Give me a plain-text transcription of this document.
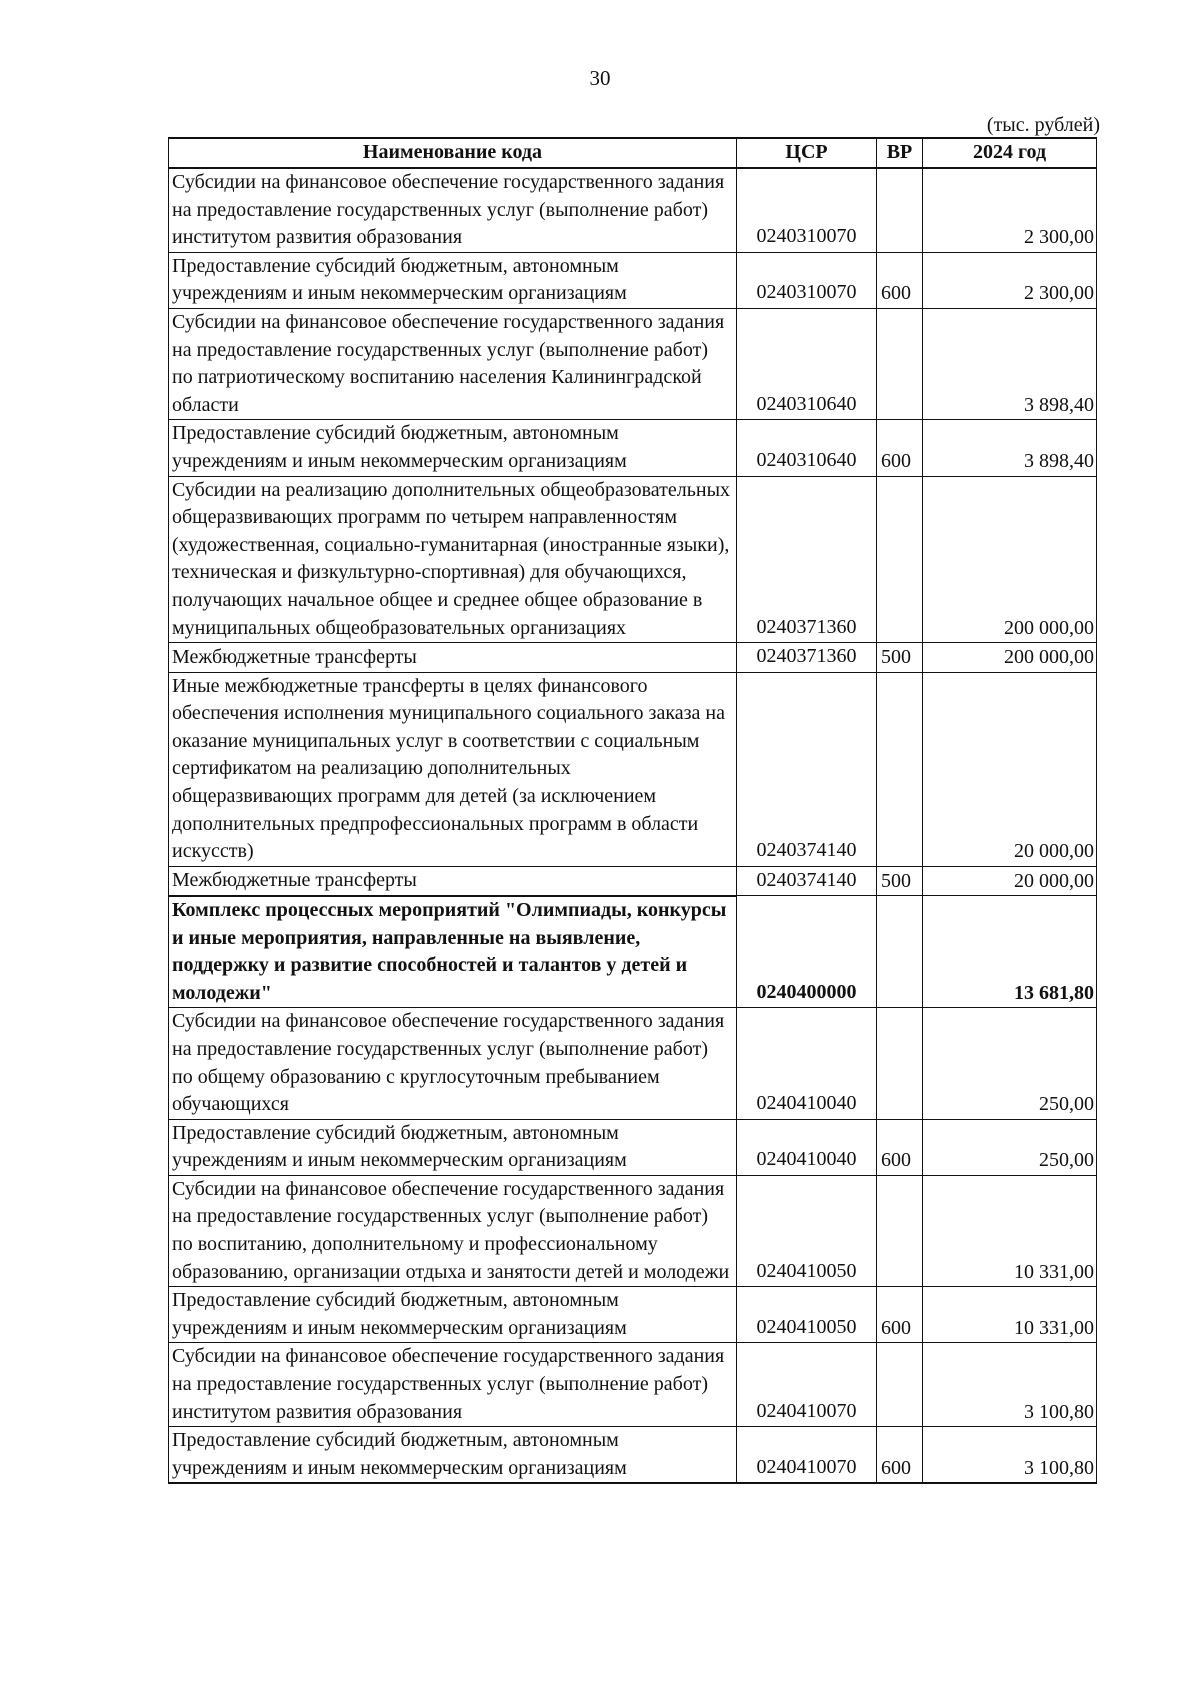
30
(тыс. рублей)
Наименование кода	ЦСР	ВР	2024 год
Субсидии на финансовое обеспечение государственного задания на предоставление государственных услуг (выполнение работ) институтом развития образования	0240310070		2 300,00
Предоставление субсидий бюджетным, автономным учреждениям и иным некоммерческим организациям	0240310070	600	2 300,00
Субсидии на финансовое обеспечение государственного задания на предоставление государственных услуг (выполнение работ) по патриотическому воспитанию населения Калининградской области	0240310640		3 898,40
Предоставление субсидий бюджетным, автономным учреждениям и иным некоммерческим организациям	0240310640	600	3 898,40
Субсидии на реализацию дополнительных общеобразовательных общеразвивающих программ по четырем направленностям (художественная, социально-гуманитарная (иностранные языки), техническая и физкультурно-спортивная) для обучающихся, получающих начальное общее и среднее общее образование в муниципальных общеобразовательных организациях	0240371360		200 000,00
Межбюджетные трансферты	0240371360	500	200 000,00
Иные межбюджетные трансферты в целях финансового обеспечения исполнения муниципального социального заказа на оказание муниципальных услуг в соответствии с социальным сертификатом на реализацию дополнительных общеразвивающих программ для детей (за исключением дополнительных предпрофессиональных программ в области искусств)	0240374140		20 000,00
Межбюджетные трансферты	0240374140	500	20 000,00
Комплекс процессных мероприятий "Олимпиады, конкурсы и иные мероприятия, направленные на выявление, поддержку и развитие способностей и талантов у детей и молодежи"	0240400000		13 681,80
Субсидии на финансовое обеспечение государственного задания на предоставление государственных услуг (выполнение работ) по общему образованию с круглосуточным пребыванием обучающихся	0240410040		250,00
Предоставление субсидий бюджетным, автономным учреждениям и иным некоммерческим организациям	0240410040	600	250,00
Субсидии на финансовое обеспечение государственного задания на предоставление государственных услуг (выполнение работ) по воспитанию, дополнительному и профессиональному образованию, организации отдыха и занятости детей и молодежи	0240410050		10 331,00
Предоставление субсидий бюджетным, автономным учреждениям и иным некоммерческим организациям	0240410050	600	10 331,00
Субсидии на финансовое обеспечение государственного задания на предоставление государственных услуг (выполнение работ) институтом развития образования	0240410070		3 100,80
Предоставление субсидий бюджетным, автономным учреждениям и иным некоммерческим организациям	0240410070	600	3 100,80
